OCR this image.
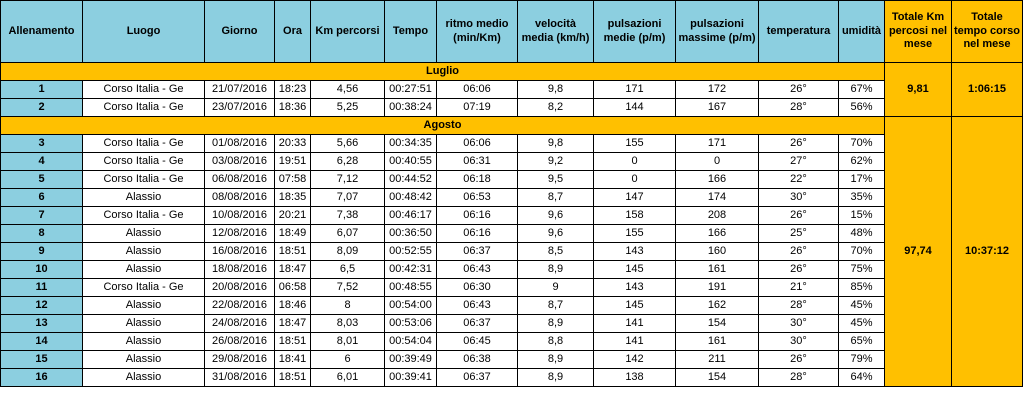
Allenamento	Luogo	Giorno	Ora	Km percorsi	Tempo	ritmo medio (min/Km)	velocità media (km/h)	pulsazioni medie (p/m)	pulsazioni massime (p/m)	temperatura	umidità	Totale Km percosi nel mese	Totale tempo corso nel mese
Luglio												9,81	1:06:15
1	Corso Italia - Ge	21/07/2016	18:23	4,56	00:27:51	06:06	9,8	171	172	26°	67%		
2	Corso Italia - Ge	23/07/2016	18:36	5,25	00:38:24	07:19	8,2	144	167	28°	56%		
Agosto												97,74	10:37:12
3	Corso Italia - Ge	01/08/2016	20:33	5,66	00:34:35	06:06	9,8	155	171	26°	70%		
4	Corso Italia - Ge	03/08/2016	19:51	6,28	00:40:55	06:31	9,2	0	0	27°	62%		
5	Corso Italia - Ge	06/08/2016	07:58	7,12	00:44:52	06:18	9,5	0	166	22°	17%		
6	Alassio	08/08/2016	18:35	7,07	00:48:42	06:53	8,7	147	174	30°	35%		
7	Corso Italia - Ge	10/08/2016	20:21	7,38	00:46:17	06:16	9,6	158	208	26°	15%		
8	Alassio	12/08/2016	18:49	6,07	00:36:50	06:16	9,6	155	166	25°	48%		
9	Alassio	16/08/2016	18:51	8,09	00:52:55	06:37	8,5	143	160	26°	70%		
10	Alassio	18/08/2016	18:47	6,5	00:42:31	06:43	8,9	145	161	26°	75%		
11	Corso Italia - Ge	20/08/2016	06:58	7,52	00:48:55	06:30	9	143	191	21°	85%		
12	Alassio	22/08/2016	18:46	8	00:54:00	06:43	8,7	145	162	28°	45%		
13	Alassio	24/08/2016	18:47	8,03	00:53:06	06:37	8,9	141	154	30°	45%		
14	Alassio	26/08/2016	18:51	8,01	00:54:04	06:45	8,8	141	161	30°	65%		
15	Alassio	29/08/2016	18:41	6	00:39:49	06:38	8,9	142	211	26°	79%		
16	Alassio	31/08/2016	18:51	6,01	00:39:41	06:37	8,9	138	154	28°	64%		
